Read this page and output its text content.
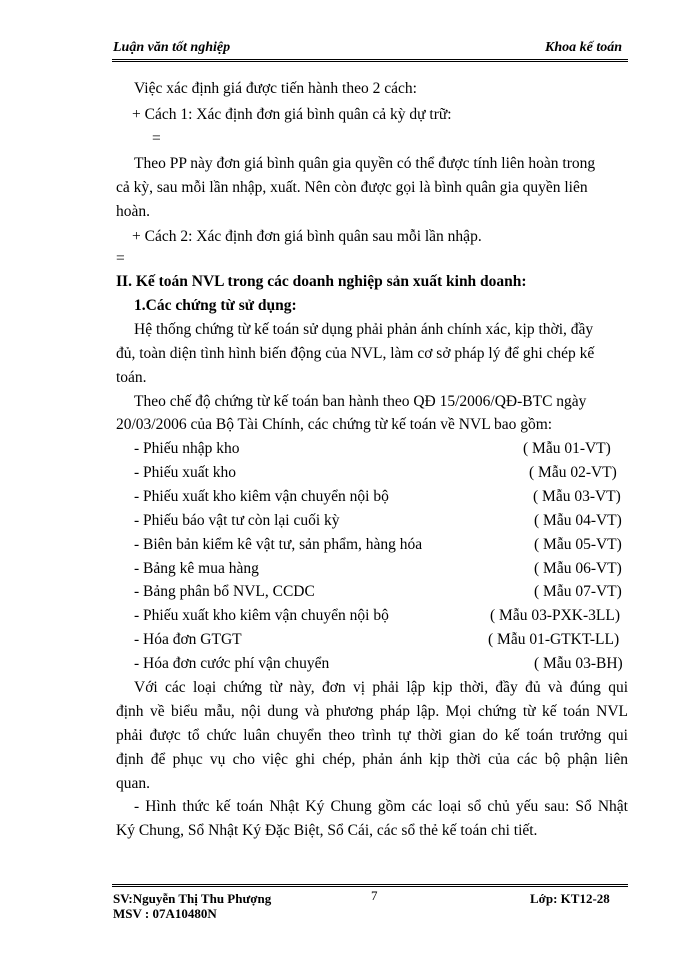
Luận văn tốt nghiệp	Khoa kế toán
Việc xác định giá được tiến hành theo 2 cách:
+ Cách 1: Xác định đơn giá bình quân cả kỳ dự trữ:
=
Theo PP này đơn giá bình quân gia quyền có thể được tính liên hoàn trong
cả kỳ, sau mỗi lần nhập, xuất. Nên còn được gọi là bình quân gia quyền liên
hoàn.
+ Cách 2: Xác định đơn giá bình quân sau mỗi lần nhập.
=
II. Kế toán NVL trong các doanh nghiệp sản xuất kinh doanh:
1.Các chứng từ sử dụng:
Hệ thống chứng từ kế toán sử dụng phải phản ánh chính xác, kịp thời, đầy
đủ, toàn diện tình hình biến động của NVL, làm cơ sở pháp lý để ghi chép kế
toán.
Theo chế độ chứng từ kế toán ban hành theo QĐ 15/2006/QĐ-BTC ngày
20/03/2006 của Bộ Tài Chính, các chứng từ kế toán về NVL bao gồm:
- Phiếu nhập kho	( Mẫu 01-VT)
- Phiếu xuất kho	( Mẫu 02-VT)
- Phiếu xuất kho kiêm vận chuyển nội bộ	( Mẫu 03-VT)
- Phiếu báo vật tư còn lại cuối kỳ	( Mẫu 04-VT)
- Biên bản kiểm kê vật tư, sản phẩm, hàng hóa	( Mẫu 05-VT)
- Bảng kê mua hàng	( Mẫu 06-VT)
- Bảng phân bổ NVL, CCDC	( Mẫu 07-VT)
- Phiếu xuất kho kiêm vận chuyển nội bộ	( Mẫu 03-PXK-3LL)
- Hóa đơn GTGT	( Mẫu 01-GTKT-LL)
- Hóa đơn cước phí vận chuyển	( Mẫu 03-BH)
Với các loại chứng từ này, đơn vị phải lập kịp thời, đầy đủ và đúng qui
định về biểu mẫu, nội dung và phương pháp lập. Mọi chứng từ kế toán NVL
phải được tổ chức luân chuyển theo trình tự thời gian do kế toán trưởng qui
định để phục vụ cho việc ghi chép, phản ánh kịp thời của các bộ phận liên
quan.
- Hình thức kế toán Nhật Ký Chung gồm các loại sổ chủ yếu sau: Sổ Nhật
Ký Chung, Sổ Nhật Ký Đặc Biệt, Sổ Cái, các sổ thẻ kế toán chi tiết.
SV:Nguyễn Thị Thu Phượng
MSV : 07A10480N
7	Lớp: KT12-28
